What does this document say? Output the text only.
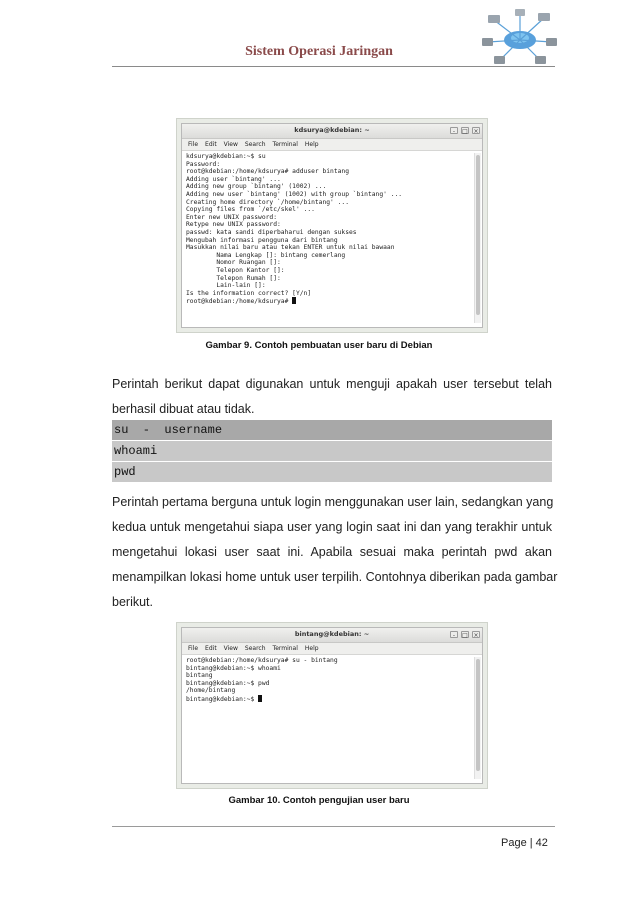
Sistem Operasi Jaringan
kdsurya@kdebian: ~	-	□ ×
File Edit View Search Terminal Help
kdsurya@kdebian:~$ su
Password:
root@kdebian:/home/kdsurya# adduser bintang
Adding user `bintang' ...
Adding new group `bintang' (1002) ...
Adding new user `bintang' (1002) with group `bintang' ...
Creating home directory `/home/bintang' ...
Copying files from `/etc/skel' ...
Enter new UNIX password:
Retype new UNIX password:
passwd: kata sandi diperbaharui dengan sukses
Mengubah informasi pengguna dari bintang
Masukkan nilai baru atau tekan ENTER untuk nilai bawaan
Nama Lengkap []: bintang cemerlang
Nomor Ruangan []:
Telepon Kantor []:
Telepon Rumah []:
Lain-lain []:
Is the information correct? [Y/n]
root@kdebian:/home/kdsurya#
Gambar 9. Contoh pembuatan user baru di Debian
Perintah berikut dapat digunakan untuk menguji apakah user tersebut telah
berhasil dibuat atau tidak.
su  -  username
whoami
pwd
Perintah pertama berguna untuk login menggunakan user lain, sedangkan yang
kedua untuk mengetahui siapa user yang login saat ini dan yang terakhir untuk
mengetahui lokasi user saat ini. Apabila sesuai maka perintah pwd akan
menampilkan lokasi home untuk user terpilih. Contohnya diberikan pada gambar
berikut.
bintang@kdebian: ~	-	□ ×
File Edit View Search Terminal Help
root@kdebian:/home/kdsurya# su - bintang
bintang@kdebian:~$ whoami
bintang
bintang@kdebian:~$ pwd
/home/bintang
bintang@kdebian:~$
Gambar 10. Contoh pengujian user baru
Page | 42
